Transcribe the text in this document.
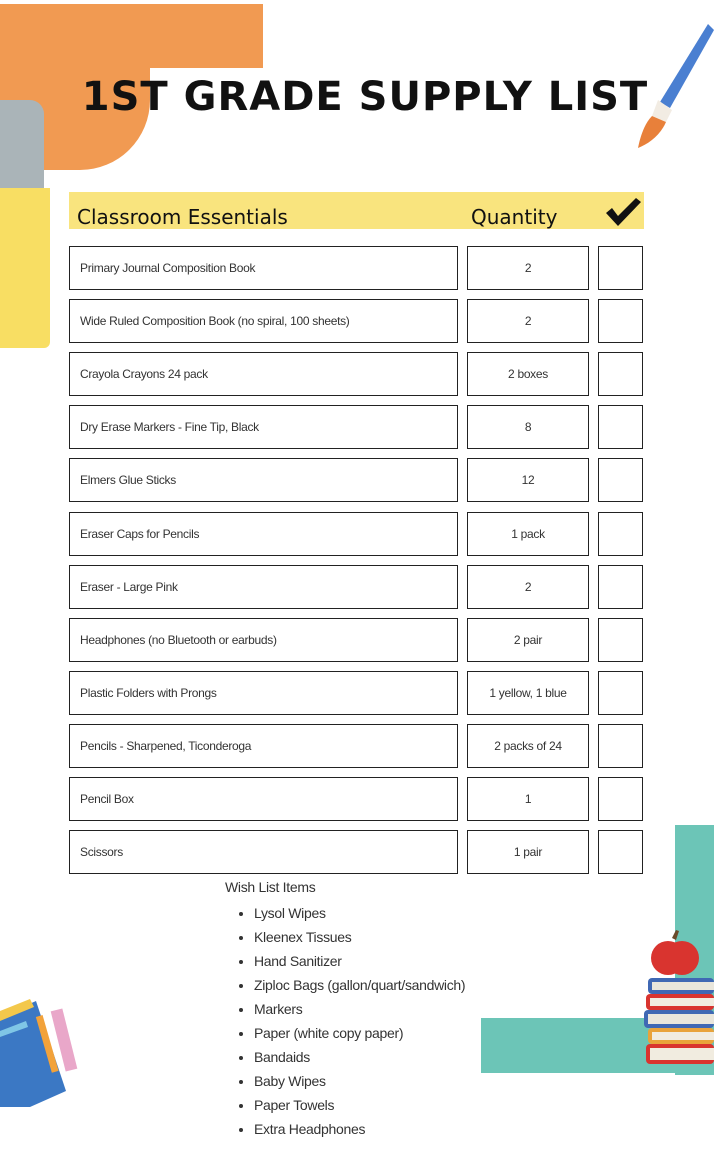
1ST GRADE SUPPLY LIST
Classroom Essentials	Quantity
Primary Journal Composition Book	2
Wide Ruled Composition Book (no spiral, 100 sheets)	2
Crayola Crayons 24 pack	2 boxes
Dry Erase Markers - Fine Tip, Black	8
Elmers Glue Sticks	12
Eraser Caps for Pencils	1 pack
Eraser - Large Pink	2
Headphones (no Bluetooth or earbuds)	2 pair
Plastic Folders with Prongs	1 yellow, 1 blue
Pencils - Sharpened, Ticonderoga	2 packs of 24
Pencil Box	1
Scissors	1 pair
Wish List Items
• Lysol Wipes
• Kleenex Tissues
• Hand Sanitizer
• Ziploc Bags (gallon/quart/sandwich)
• Markers
• Paper (white copy paper)
• Bandaids
• Baby Wipes
• Paper Towels
• Extra Headphones
